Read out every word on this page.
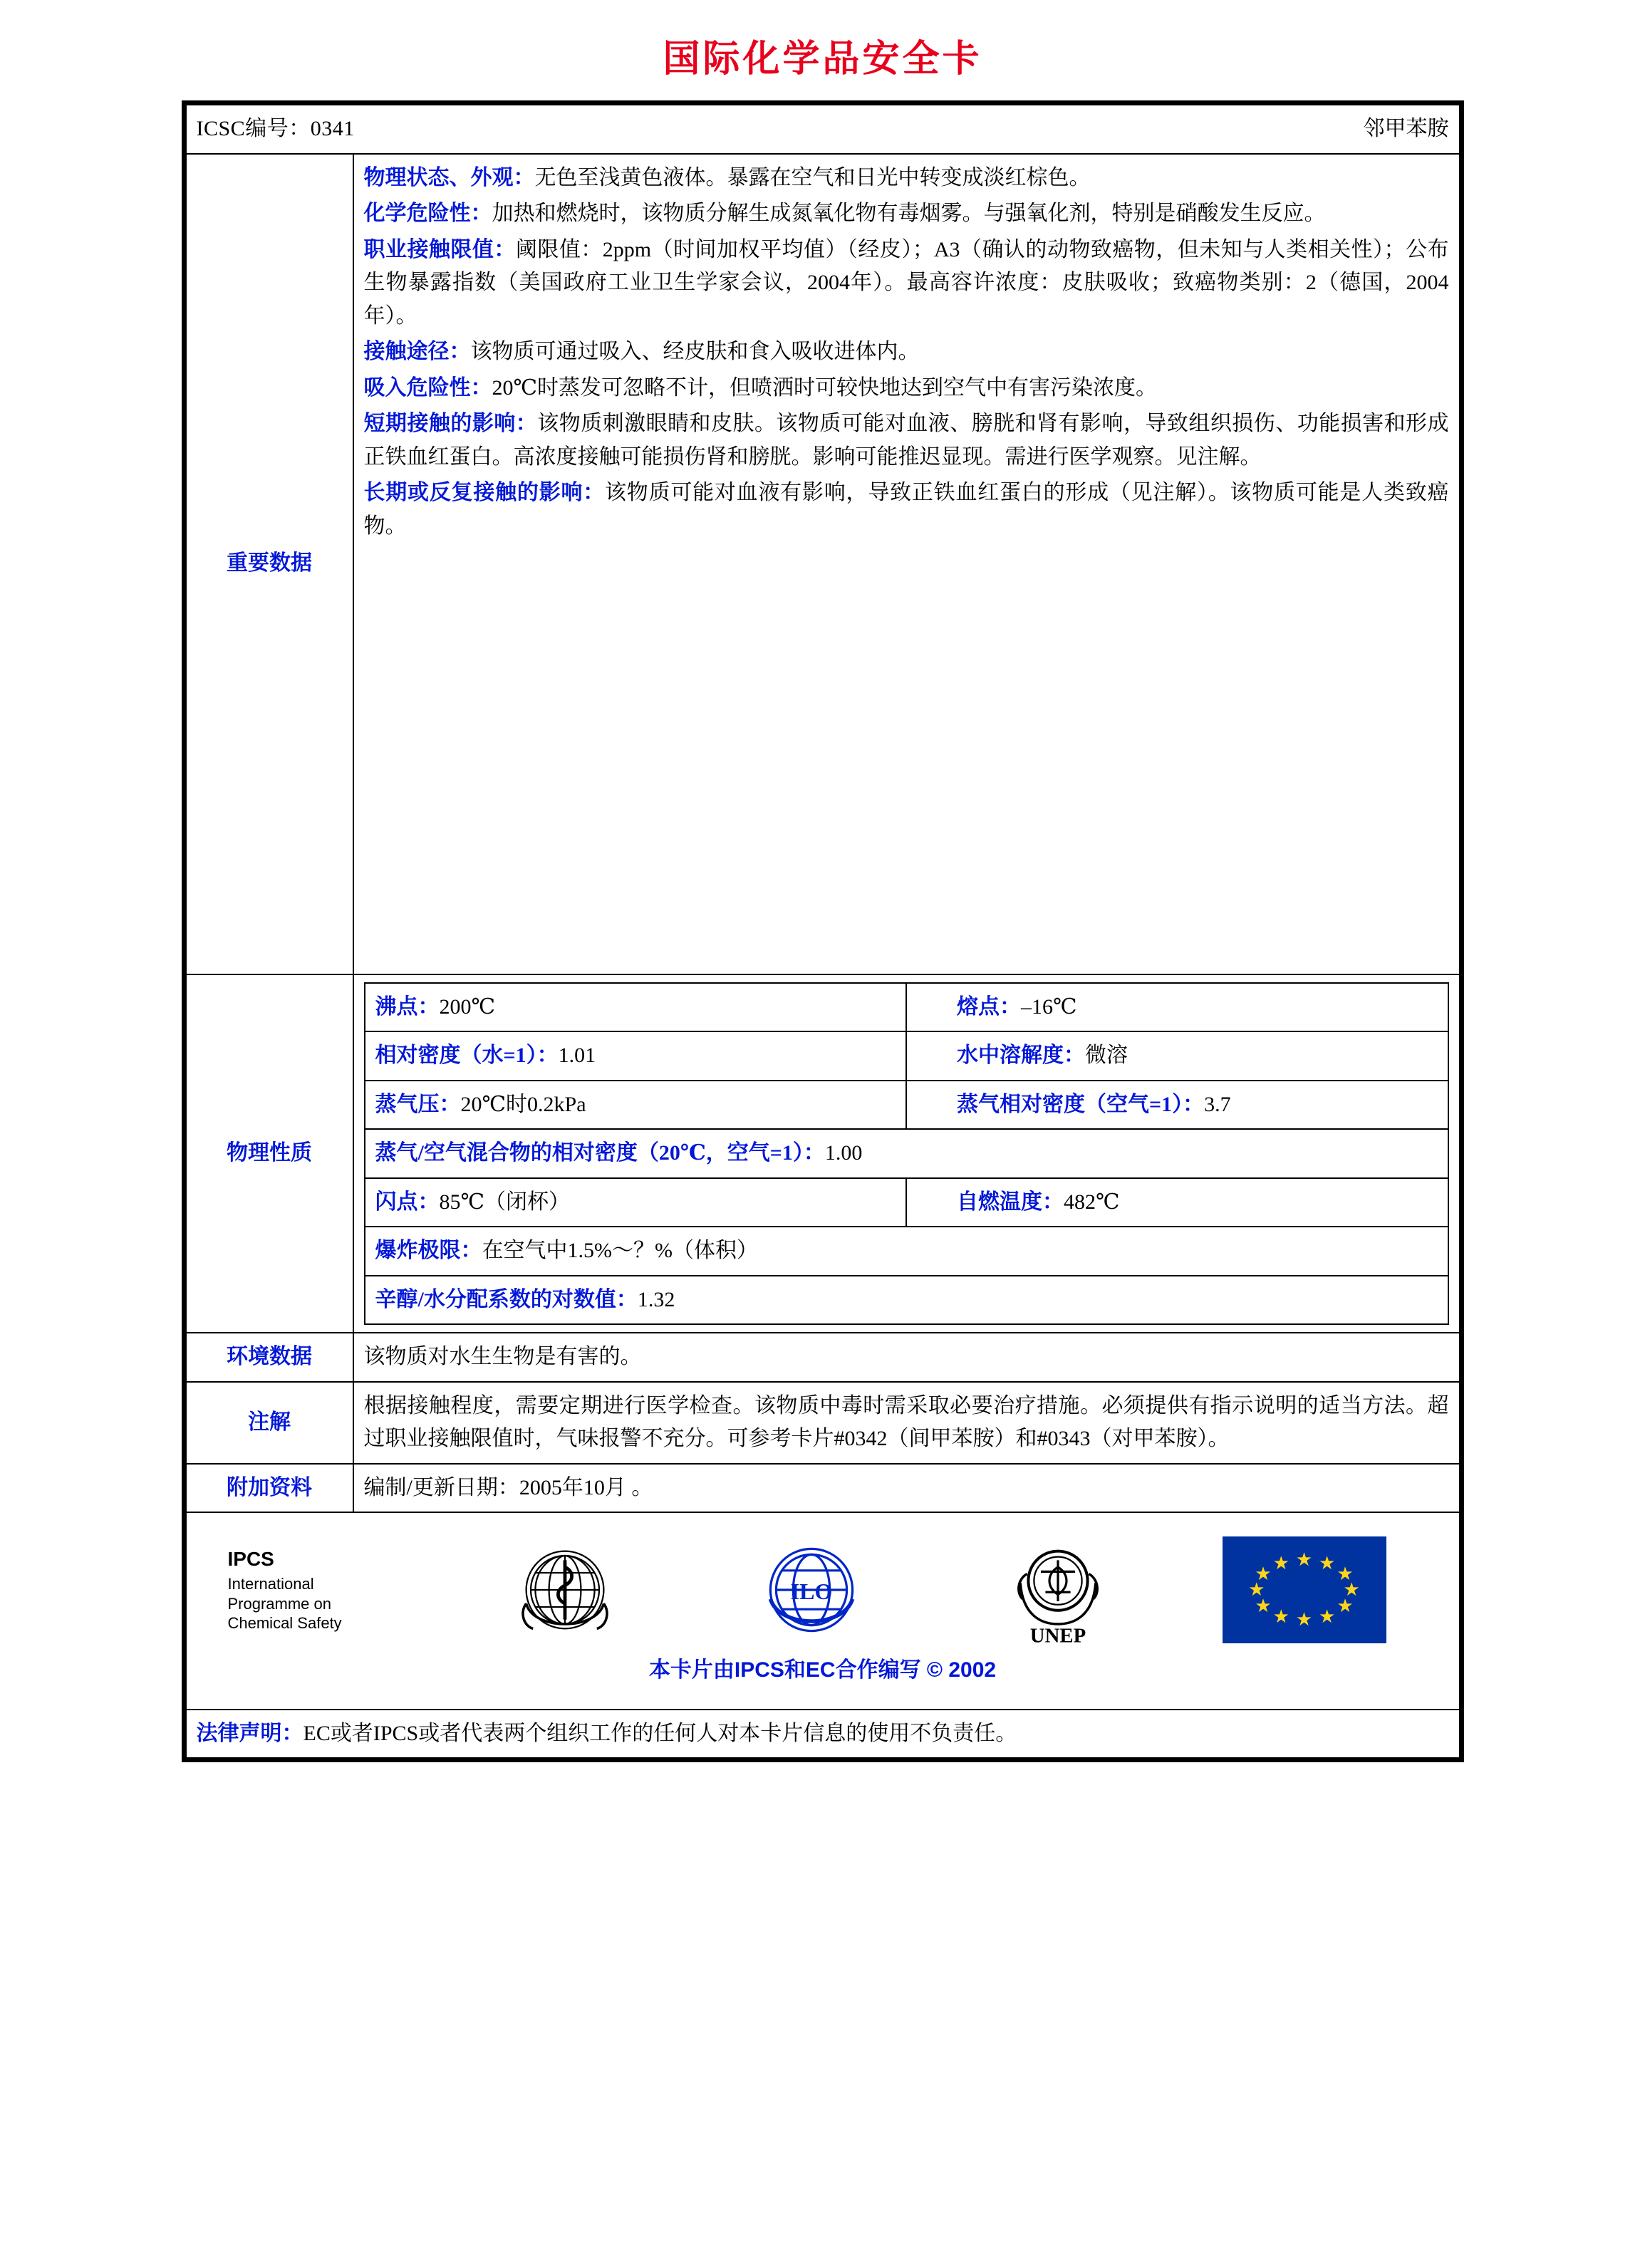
国际化学品安全卡
ICSC编号：0341	邻甲苯胺

重要数据	

物理状态、外观：无色至浅黄色液体。暴露在空气和日光中转变成淡红棕色。

化学危险性：加热和燃烧时，该物质分解生成氮氧化物有毒烟雾。与强氧化剂，特别是硝酸发生反应。

职业接触限值：阈限值：2ppm（时间加权平均值）（经皮）；A3（确认的动物致癌物，但未知与人类相关性）；公布生物暴露指数（美国政府工业卫生学家会议，2004年）。最高容许浓度：皮肤吸收；致癌物类别：2（德国，2004年）。

接触途径：该物质可通过吸入、经皮肤和食入吸收进体内。

吸入危险性：20℃时蒸发可忽略不计，但喷洒时可较快地达到空气中有害污染浓度。

短期接触的影响：该物质刺激眼睛和皮肤。该物质可能对血液、膀胱和肾有影响，导致组织损伤、功能损害和形成正铁血红蛋白。高浓度接触可能损伤肾和膀胱。影响可能推迟显现。需进行医学观察。见注解。

长期或反复接触的影响：该物质可能对血液有影响，导致正铁血红蛋白的形成（见注解）。该物质可能是人类致癌物。

物理性质	
沸点：200℃	熔点：–16℃
相对密度（水=1）：1.01	水中溶解度：微溶
蒸气压：20℃时0.2kPa	蒸气相对密度（空气=1）：3.7
蒸气/空气混合物的相对密度（20℃，空气=1）：1.00
闪点：85℃（闭杯）	自燃温度：482℃
爆炸极限：在空气中1.5%～？%（体积）
辛醇/水分配系数的对数值：1.32

环境数据	该物质对水生生物是有害的。
注解	根据接触程度，需要定期进行医学检查。该物质中毒时需采取必要治疗措施。必须提供有指示说明的适当方法。超过职业接触限值时，气味报警不充分。可参考卡片#0342（间甲苯胺）和#0343（对甲苯胺）。
附加资料	编制/更新日期：2005年10月 。

IPCS
International
Programme on
Chemical Safety
ILO
UNEP
★ ★
★
★
★
★
★
★
★
★
★
★
本卡片由IPCS和EC合作编写 © 2002

法律声明：EC或者IPCS或者代表两个组织工作的任何人对本卡片信息的使用不负责任。
